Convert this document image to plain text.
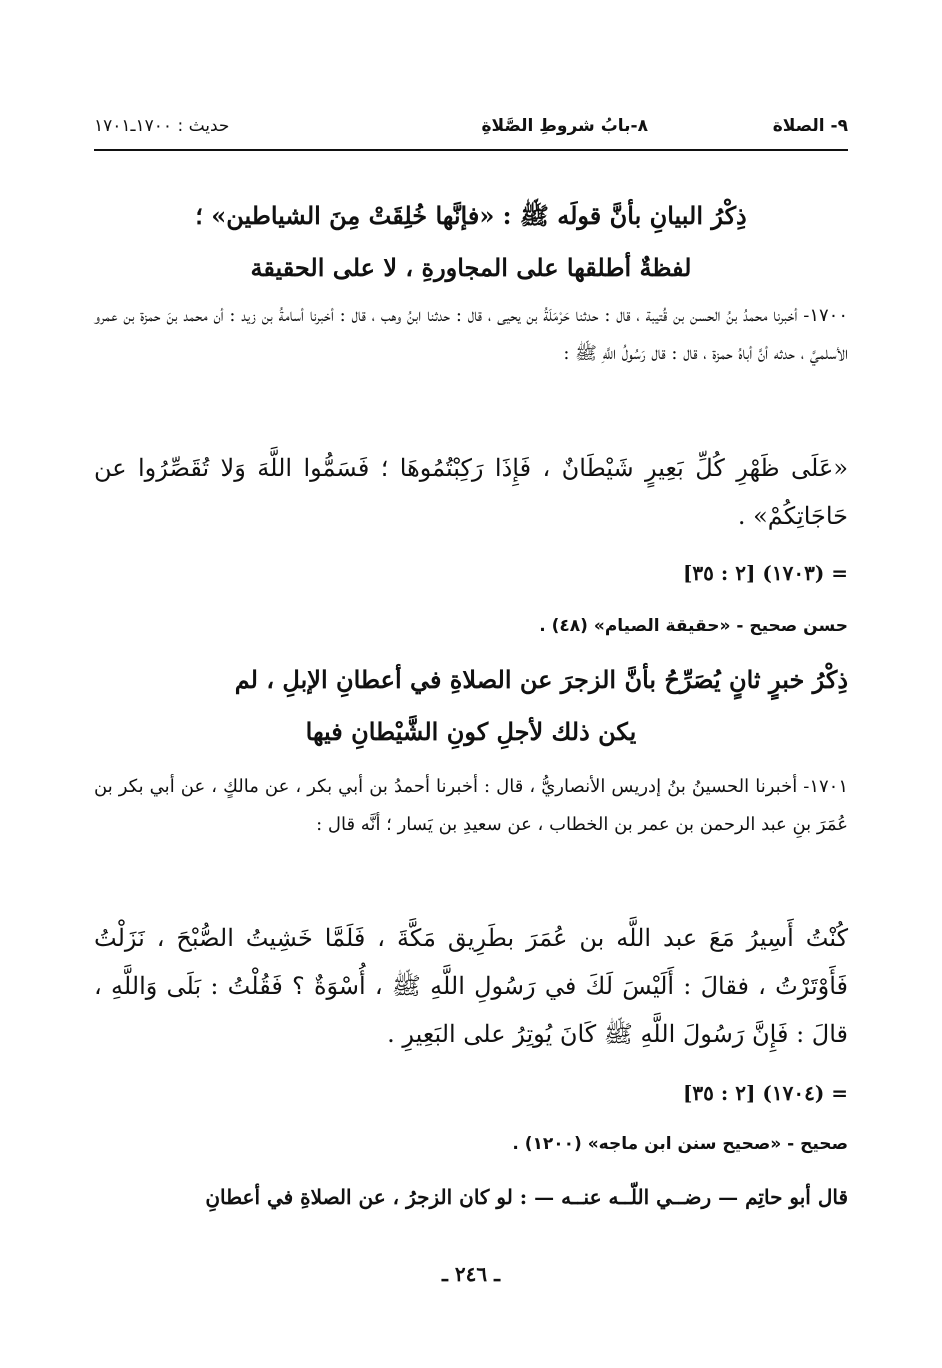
٩- الصلاة
٨-بابُ شروطِ الصَّلاةِ
حديث : ١٧٠٠ـ١٧٠١
ذِكْرُ البيانِ بأنَّ قولَه ﷺ : «فإنَّها خُلِقَتْ مِنَ الشياطين» ؛
لفظةٌ أطلقها على المجاورةِ ، لا على الحقيقة
١٧٠٠- أخبرنا محمدُ بنُ الحسن بن قُتيبة ، قال : حدثنا حَرْمَلَةُ بن يحيى ، قال : حدثنا ابنُ وهب ، قال : أخبرنا أسامةُ بن زيد : أن محمد بنَ حمزة بن عمرو الأسلميَّ ، حدثه أنَّ أباهُ حمزة ، قال : قال رَسُولُ اللَّهِ ﷺ :
«عَلَى ظَهْرِ كُلِّ بَعِيرٍ شَيْطَانٌ ، فَإِذَا رَكِبْتُمُوهَا ؛ فَسَمُّوا اللَّهَ وَلا تُقَصِّرُوا عن حَاجَاتِكُمْ» .
= (١٧٠٣) [٢ : ٣٥]
حسن صحيح - «حقيقة الصيام» (٤٨) .
ذِكْرُ خبرٍ ثانٍ يُصَرِّحُ بأنَّ الزجرَ عن الصلاةِ في أعطانِ الإبلِ ، لم
يكن ذلك لأجلِ كونِ الشَّيْطانِ فيها
١٧٠١- أخبرنا الحسينُ بنُ إدريس الأنصاريُّ ، قال : أخبرنا أحمدُ بن أبي بكر ، عن مالكٍ ، عن أبي بكر بن عُمَرَ بنِ عبد الرحمن بن عمر بن الخطاب ، عن سعيدِ بن يَسار ؛ أنَّه قال :
كُنْتُ أَسِيرُ مَعَ عبد اللَّه بن عُمَرَ بطَرِيق مَكَّةَ ، فَلَمَّا خَشِيتُ الصُّبْحَ ، نَزَلْتُ فَأَوْتَرْتُ ، فقالَ : أَلَيْسَ لَكَ في رَسُولِ اللَّهِ ﷺ ، أُسْوَةٌ ؟ فَقُلْتُ : بَلَى وَاللَّهِ ، قالَ : فَإِنَّ رَسُولَ اللَّهِ ﷺ كَانَ يُوتِرُ على البَعِيرِ .
= (١٧٠٤) [٢ : ٣٥]
صحيح - «صحيح سنن ابن ماجه» (١٢٠٠) .
قال أبو حاتِم — رضــي اللّــه عنــه — : لو كان الزجرُ ، عن الصلاةِ في أعطانِ
ـ ٢٤٦ ـ
